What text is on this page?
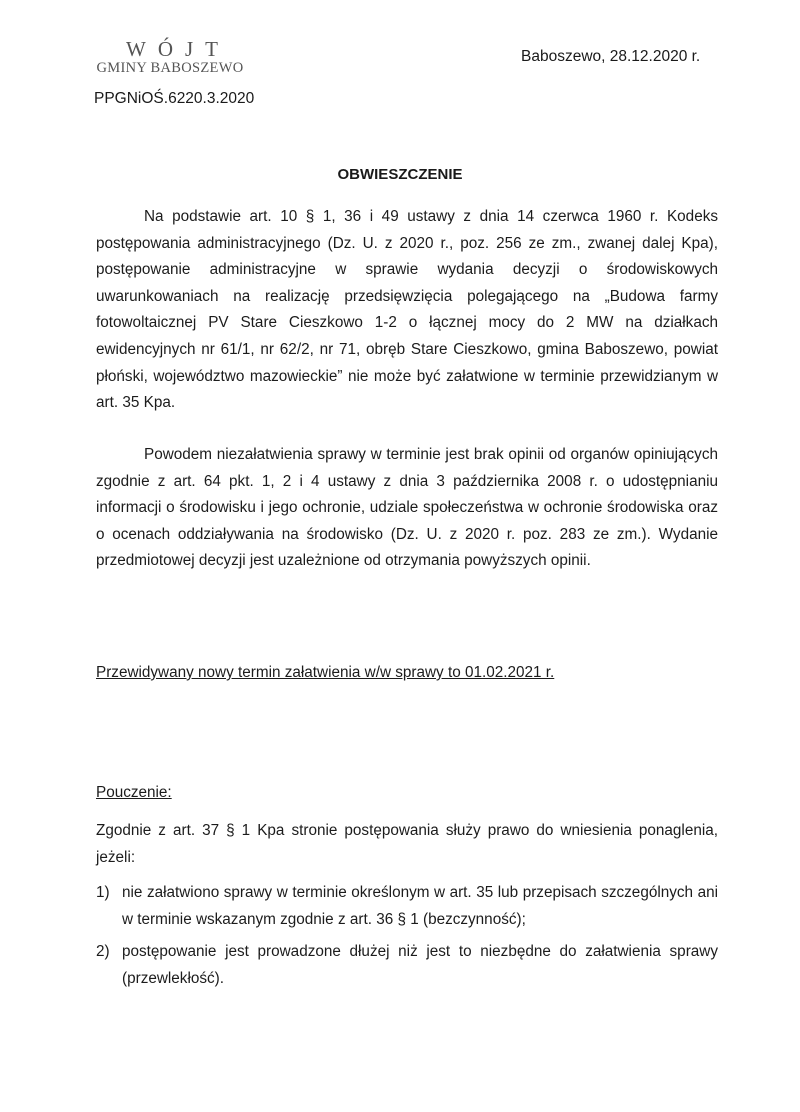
WÓJT
GMINY BABOSZEWO
PPGNiOŚ.6220.3.2020
Baboszewo, 28.12.2020 r.
OBWIESZCZENIE
Na podstawie art. 10 § 1, 36 i 49 ustawy z dnia 14 czerwca 1960 r. Kodeks postępowania administracyjnego (Dz. U. z 2020 r., poz. 256 ze zm., zwanej dalej Kpa), postępowanie administracyjne w sprawie wydania decyzji o środowiskowych uwarunkowaniach na realizację przedsięwzięcia polegającego na „Budowa farmy fotowoltaicznej PV Stare Cieszkowo 1-2 o łącznej mocy do 2 MW na działkach ewidencyjnych nr 61/1, nr 62/2, nr 71, obręb Stare Cieszkowo, gmina Baboszewo, powiat płoński, województwo mazowieckie” nie może być załatwione w terminie przewidzianym w art. 35 Kpa.
Powodem niezałatwienia sprawy w terminie jest brak opinii od organów opiniujących zgodnie z art. 64 pkt. 1, 2 i 4 ustawy z dnia 3 października 2008 r. o udostępnianiu informacji o środowisku i jego ochronie, udziale społeczeństwa w ochronie środowiska oraz o ocenach oddziaływania na środowisko (Dz. U. z 2020 r. poz. 283 ze zm.). Wydanie przedmiotowej decyzji jest uzależnione od otrzymania powyższych opinii.
Przewidywany nowy termin załatwienia w/w sprawy to 01.02.2021 r.
Pouczenie:
Zgodnie z art. 37 § 1 Kpa stronie postępowania służy prawo do wniesienia ponaglenia, jeżeli:
1) nie załatwiono sprawy w terminie określonym w art. 35 lub przepisach szczególnych ani w terminie wskazanym zgodnie z art. 36 § 1 (bezczynność);
2) postępowanie jest prowadzone dłużej niż jest to niezbędne do załatwienia sprawy (przewlekłość).
